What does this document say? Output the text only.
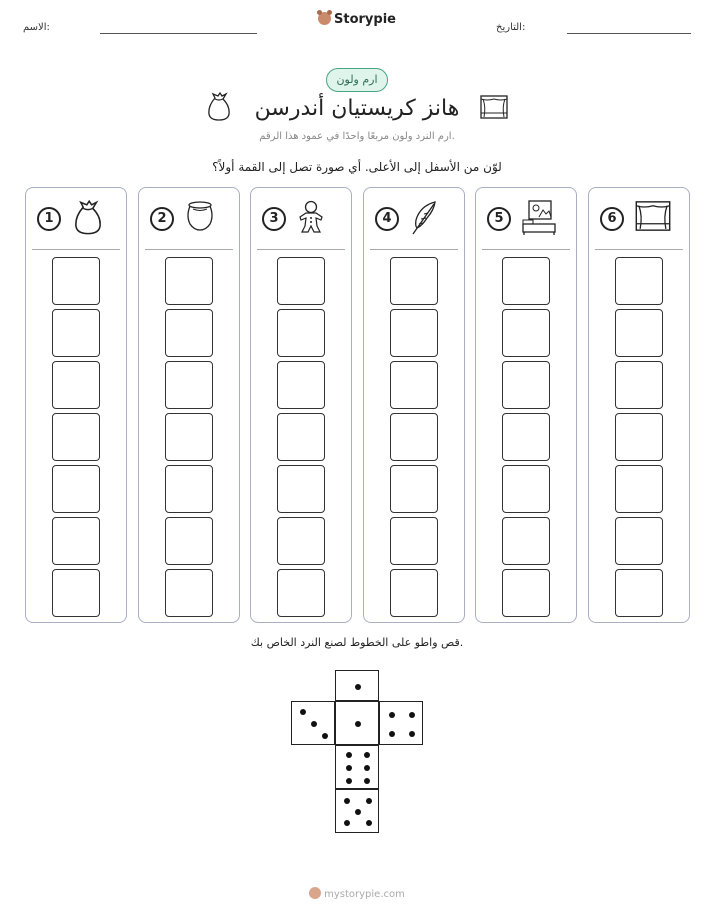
الاسم:
Storypie
التاريخ:
ارم ولون
هانز كريستيان أندرسن
ارم النرد ولون مربعًا واحدًا في عمود هذا الرقم.
لوّن من الأسفل إلى الأعلى. أي صورة تصل إلى القمة أولاً؟
1	2	3	4	5	6
قص واطو على الخطوط لصنع النرد الخاص بك.
mystorypie.com
